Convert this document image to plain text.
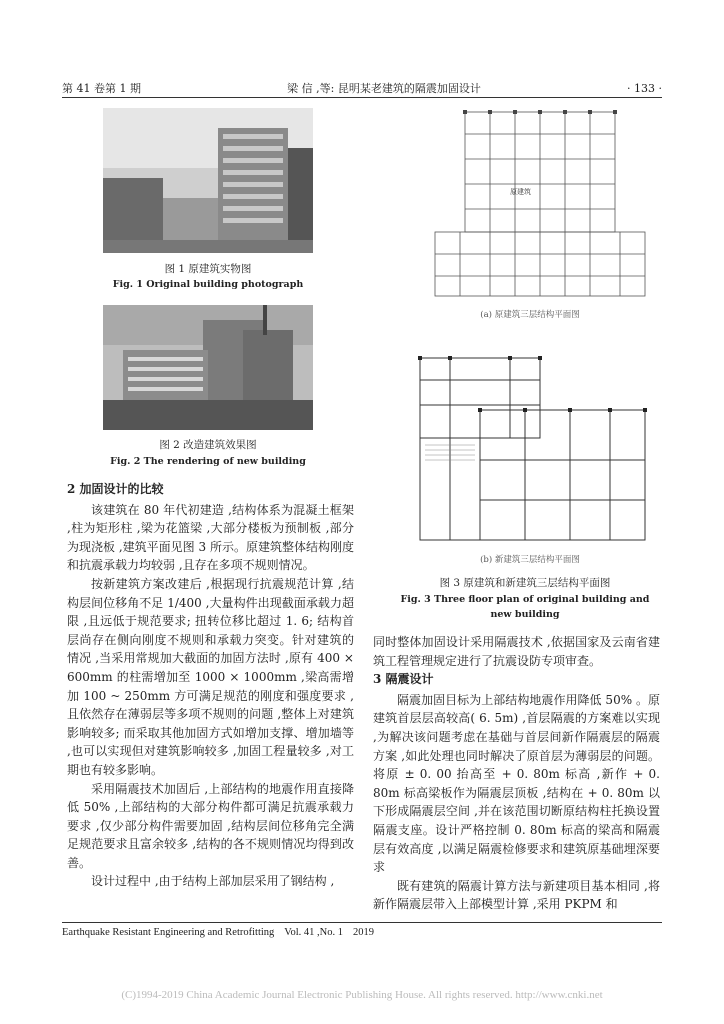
第 41 卷第 1 期	梁 信 ,等: 昆明某老建筑的隔震加固设计	· 133 ·
图 1 原建筑实物图
Fig. 1 Original building photograph
图 2 改造建筑效果图
Fig. 2 The rendering of new building
原建筑
(a) 原建筑三层结构平面图
(b) 新建筑三层结构平面图
图 3 原建筑和新建筑三层结构平面图
Fig. 3 Three floor plan of original building and
new building
2 加固设计的比较

该建筑在 80 年代初建造 ,结构体系为混凝土框架 ,柱为矩形柱 ,梁为花篮梁 ,大部分楼板为预制板 ,部分为现浇板 ,建筑平面见图 3 所示。原建筑整体结构刚度和抗震承载力均较弱 ,且存在多项不规则情况。

按新建筑方案改建后 ,根据现行抗震规范计算 ,结构层间位移角不足 1/400 ,大量构件出现截面承载力超限 ,且远低于规范要求; 扭转位移比超过 1. 6; 结构首层尚存在侧向刚度不规则和承载力突变。针对建筑的情况 ,当采用常规加大截面的加固方法时 ,原有 400 × 600mm 的柱需增加至 1000 × 1000mm ,梁高需增加 100 ~ 250mm 方可满足规范的刚度和强度要求 ,且依然存在薄弱层等多项不规则的问题 ,整体上对建筑影响较多; 而采取其他加固方式如增加支撑、增加墙等 ,也可以实现但对建筑影响较多 ,加固工程量较多 ,对工期也有较多影响。

采用隔震技术加固后 ,上部结构的地震作用直接降低 50% ,上部结构的大部分构件都可满足抗震承载力要求 ,仅少部分构件需要加固 ,结构层间位移角完全满足规范要求且富余较多 ,结构的各不规则情况均得到改善。

设计过程中 ,由于结构上部加层采用了钢结构 ,

同时整体加固设计采用隔震技术 ,依据国家及云南省建筑工程管理规定进行了抗震设防专项审查。

3 隔震设计

隔震加固目标为上部结构地震作用降低 50% 。原建筑首层层高较高( 6. 5m) ,首层隔震的方案难以实现 ,为解决该问题考虑在基础与首层间新作隔震层的隔震方案 ,如此处理也同时解决了原首层为薄弱层的问题。将原 ± 0. 00 抬高至 + 0. 80m 标高 ,新作 + 0. 80m 标高梁板作为隔震层顶板 ,结构在 + 0. 80m 以下形成隔震层空间 ,并在该范围切断原结构柱托换设置隔震支座。设计严格控制 0. 80m 标高的梁高和隔震层有效高度 ,以满足隔震检修要求和建筑原基础埋深要求

既有建筑的隔震计算方法与新建项目基本相同 ,将新作隔震层带入上部模型计算 ,采用 PKPM 和

Earthquake Resistant Engineering and Retrofitting Vol. 41 ,No. 1 2019
(C)1994-2019 China Academic Journal Electronic Publishing House. All rights reserved. http://www.cnki.net
